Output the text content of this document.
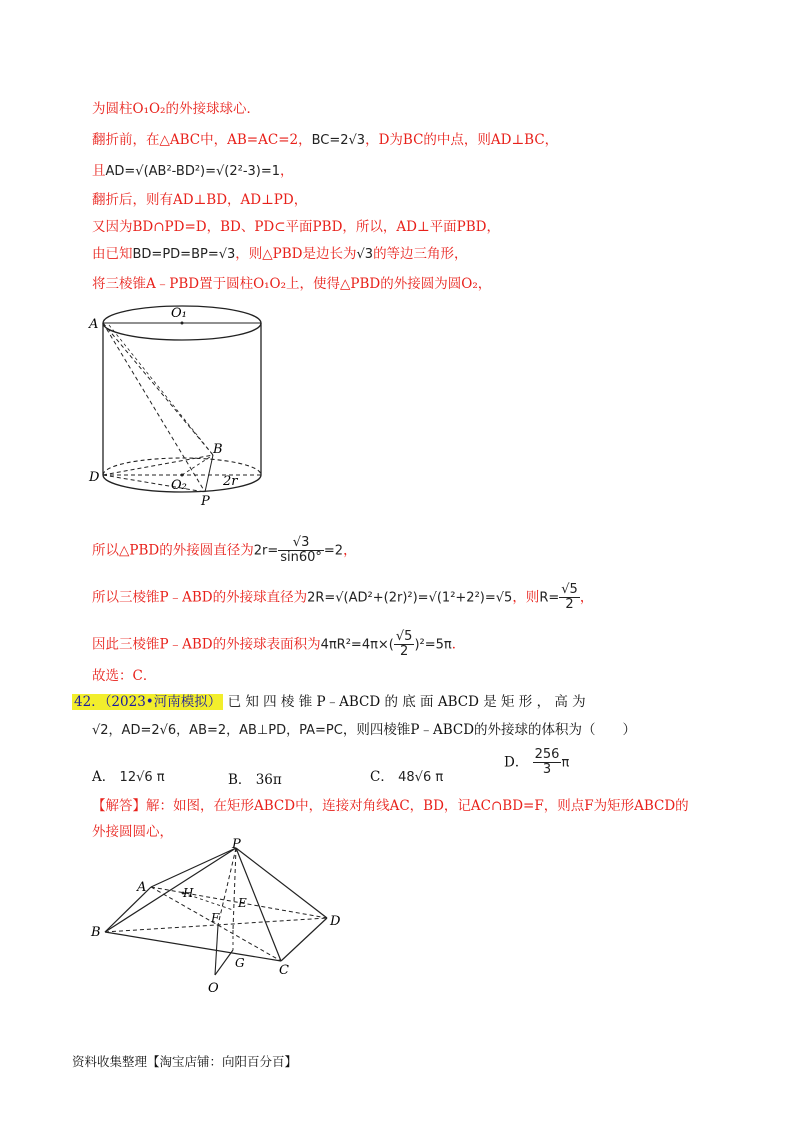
为圆柱O₁O₂的外接球球心．
翻折前，在△ABC中，AB=AC=2，BC=2√3，D为BC的中点，则AD⊥BC，
且AD=√(AB²-BD²)=√(2²-3)=1，
翻折后，则有AD⊥BD，AD⊥PD，
又因为BD∩PD=D，BD、PD⊂平面PBD，所以，AD⊥平面PBD，
由已知BD=PD=BP=√3，则△PBD是边长为√3的等边三角形，
将三棱锥A﹣PBD置于圆柱O₁O₂上，使得△PBD的外接圆为圆O₂，
O₁
A
B
D
O₂	2r
P
所以△PBD的外接圆直径为$2r= \frac{√3}{\sin 60^\circ} =2$，
所以三棱锥P﹣ABD的外接球直径为2R=√(AD²+(2r)²)=√(1²+2²)=√5，则$R= \frac{√5}{2}$ ，
因此三棱锥P﹣ABD的外接球表面积为$4\pi R^2=4\pi\times( \frac{√5}{2} )^2=5\pi$．
故选：C．
42．（2023•河南模拟） 已 知 四 棱 锥 P﹣ABCD 的 底 面 ABCD 是 矩 形 ， 高 为
√2，AD=2√6，AB=2，AB⊥PD，PA=PC，则四棱锥P﹣ABCD的外接球的体积为（　　）
A． 12√6 π	B． 36π	C． 48√6 π
D． $\frac{256}{3}$ π
【解答】解：如图，在矩形ABCD中，连接对角线AC，BD，记AC∩BD=F，则点F为矩形ABCD的
外接圆圆心，
P
A	H
E
F	D
B
G	C
O
资料收集整理【淘宝店铺：向阳百分百】
